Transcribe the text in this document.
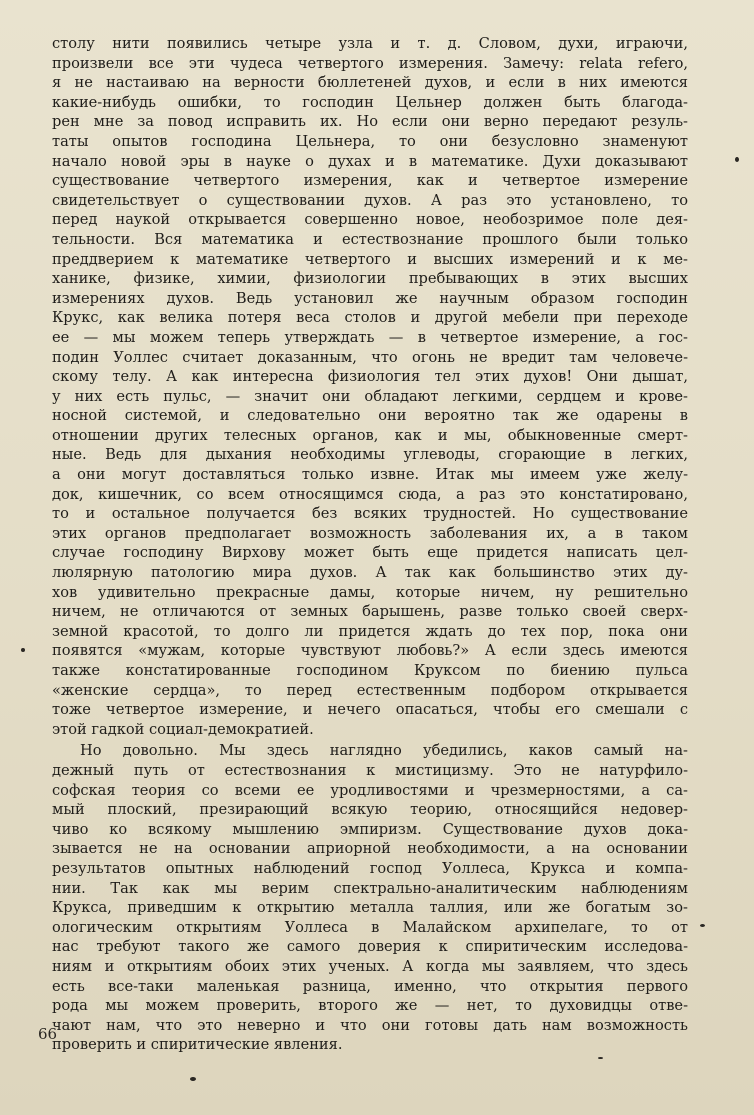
столу нити появились четыре узла и т. д. Словом, духи, играючи,
произвели все эти чудеса четвертого измерения. Замечу: relata refero,
я не настаиваю на верности бюллетеней духов, и если в них имеются
какие-нибудь ошибки, то господин Цельнер должен быть благода-
рен мне за повод исправить их. Но если они верно передают резуль-
таты опытов господина Цельнера, то они безусловно знаменуют
начало новой эры в науке о духах и в математике. Духи доказывают
существование четвертого измерения, как и четвертое измерение
свидетельствует о существовании духов. А раз это установлено, то
перед наукой открывается совершенно новое, необозримое поле дея-
тельности. Вся математика и естествознание прошлого были только
преддверием к математике четвертого и высших измерений и к ме-
ханике, физике, химии, физиологии пребывающих в этих высших
измерениях духов. Ведь установил же научным образом господин
Крукс, как велика потеря веса столов и другой мебели при переходе
ее — мы можем теперь утверждать — в четвертое измерение, а гос-
подин Уоллес считает доказанным, что огонь не вредит там человече-
скому телу. А как интересна физиология тел этих духов! Они дышат,
у них есть пульс, — значит они обладают легкими, сердцем и крове-
носной системой, и следовательно они вероятно так же одарены в
отношении других телесных органов, как и мы, обыкновенные смерт-
ные. Ведь для дыхания необходимы углеводы, сгорающие в легких,
а они могут доставляться только извне. Итак мы имеем уже желу-
док, кишечник, со всем относящимся сюда, а раз это констатировано,
то и остальное получается без всяких трудностей. Но существование
этих органов предполагает возможность заболевания их, а в таком
случае господину Вирхову может быть еще придется написать цел-
люлярную патологию мира духов. А так как большинство этих ду-
хов удивительно прекрасные дамы, которые ничем, ну решительно
ничем, не отличаются от земных барышень, разве только своей сверх-
земной красотой, то долго ли придется ждать до тех пор, пока они
появятся «мужам, которые чувствуют любовь?» А если здесь имеются
также констатированные господином Круксом по биению пульса
«женские сердца», то перед естественным подбором открывается
тоже четвертое измерение, и нечего опасаться, чтобы его смешали с
этой гадкой социал-демократией.
Но довольно. Мы здесь наглядно убедились, каков самый на-
дежный путь от естествознания к мистицизму. Это не натурфило-
софская теория со всеми ее уродливостями и чрезмерностями, а са-
мый плоский, презирающий всякую теорию, относящийся недовер-
чиво ко всякому мышлению эмпиризм. Существование духов дока-
зывается не на основании априорной необходимости, а на основании
результатов опытных наблюдений господ Уоллеса, Крукса и компа-
нии. Так как мы верим спектрально-аналитическим наблюдениям
Крукса, приведшим к открытию металла таллия, или же богатым зо-
ологическим открытиям Уоллеса в Малайском архипелаге, то от
нас требуют такого же самого доверия к спиритическим исследова-
ниям и открытиям обоих этих ученых. А когда мы заявляем, что здесь
есть все-таки маленькая разница, именно, что открытия первого
рода мы можем проверить, второго же — нет, то духовидцы отве-
чают нам, что это неверно и что они готовы дать нам возможность
проверить и спиритические явления.
66
